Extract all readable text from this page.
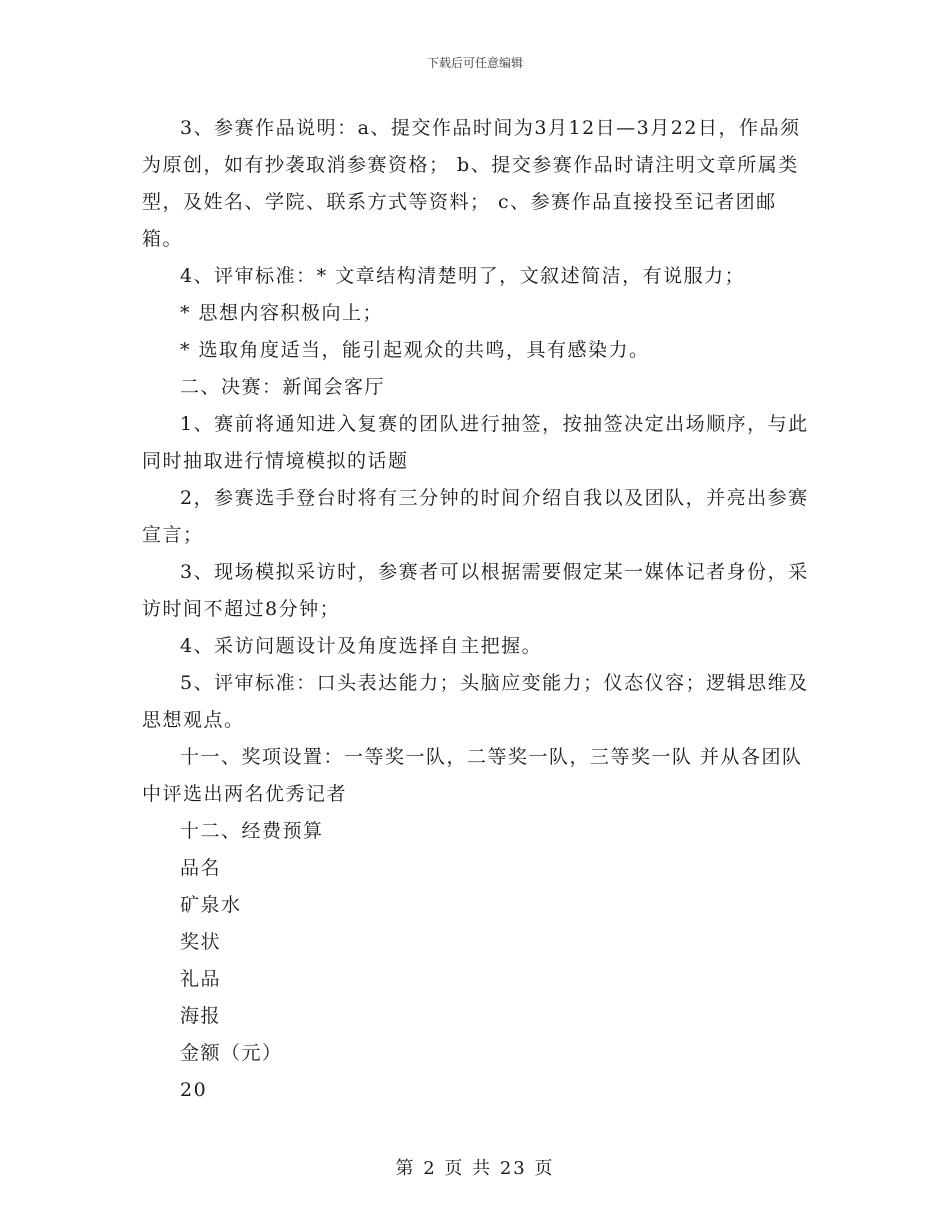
下载后可任意编辑

3、参赛作品说明：a、提交作品时间为3月12日—3月22日，作品须为原创，如有抄袭取消参赛资格； b、提交参赛作品时请注明文章所属类型，及姓名、学院、联系方式等资料； c、参赛作品直接投至记者团邮箱。

4、评审标准：* 文章结构清楚明了，文叙述简洁，有说服力；

* 思想内容积极向上；

* 选取角度适当，能引起观众的共鸣，具有感染力。

二、决赛：新闻会客厅

1、赛前将通知进入复赛的团队进行抽签，按抽签决定出场顺序，与此同时抽取进行情境模拟的话题

2，参赛选手登台时将有三分钟的时间介绍自我以及团队，并亮出参赛宣言；

3、现场模拟采访时，参赛者可以根据需要假定某一媒体记者身份，采访时间不超过8分钟；

4、采访问题设计及角度选择自主把握。

5、评审标准：口头表达能力；头脑应变能力；仪态仪容；逻辑思维及思想观点。

十一、奖项设置：一等奖一队，二等奖一队，三等奖一队 并从各团队中评选出两名优秀记者

十二、经费预算

品名

矿泉水

奖状

礼品

海报

金额（元）

20

第 2 页 共 23 页
